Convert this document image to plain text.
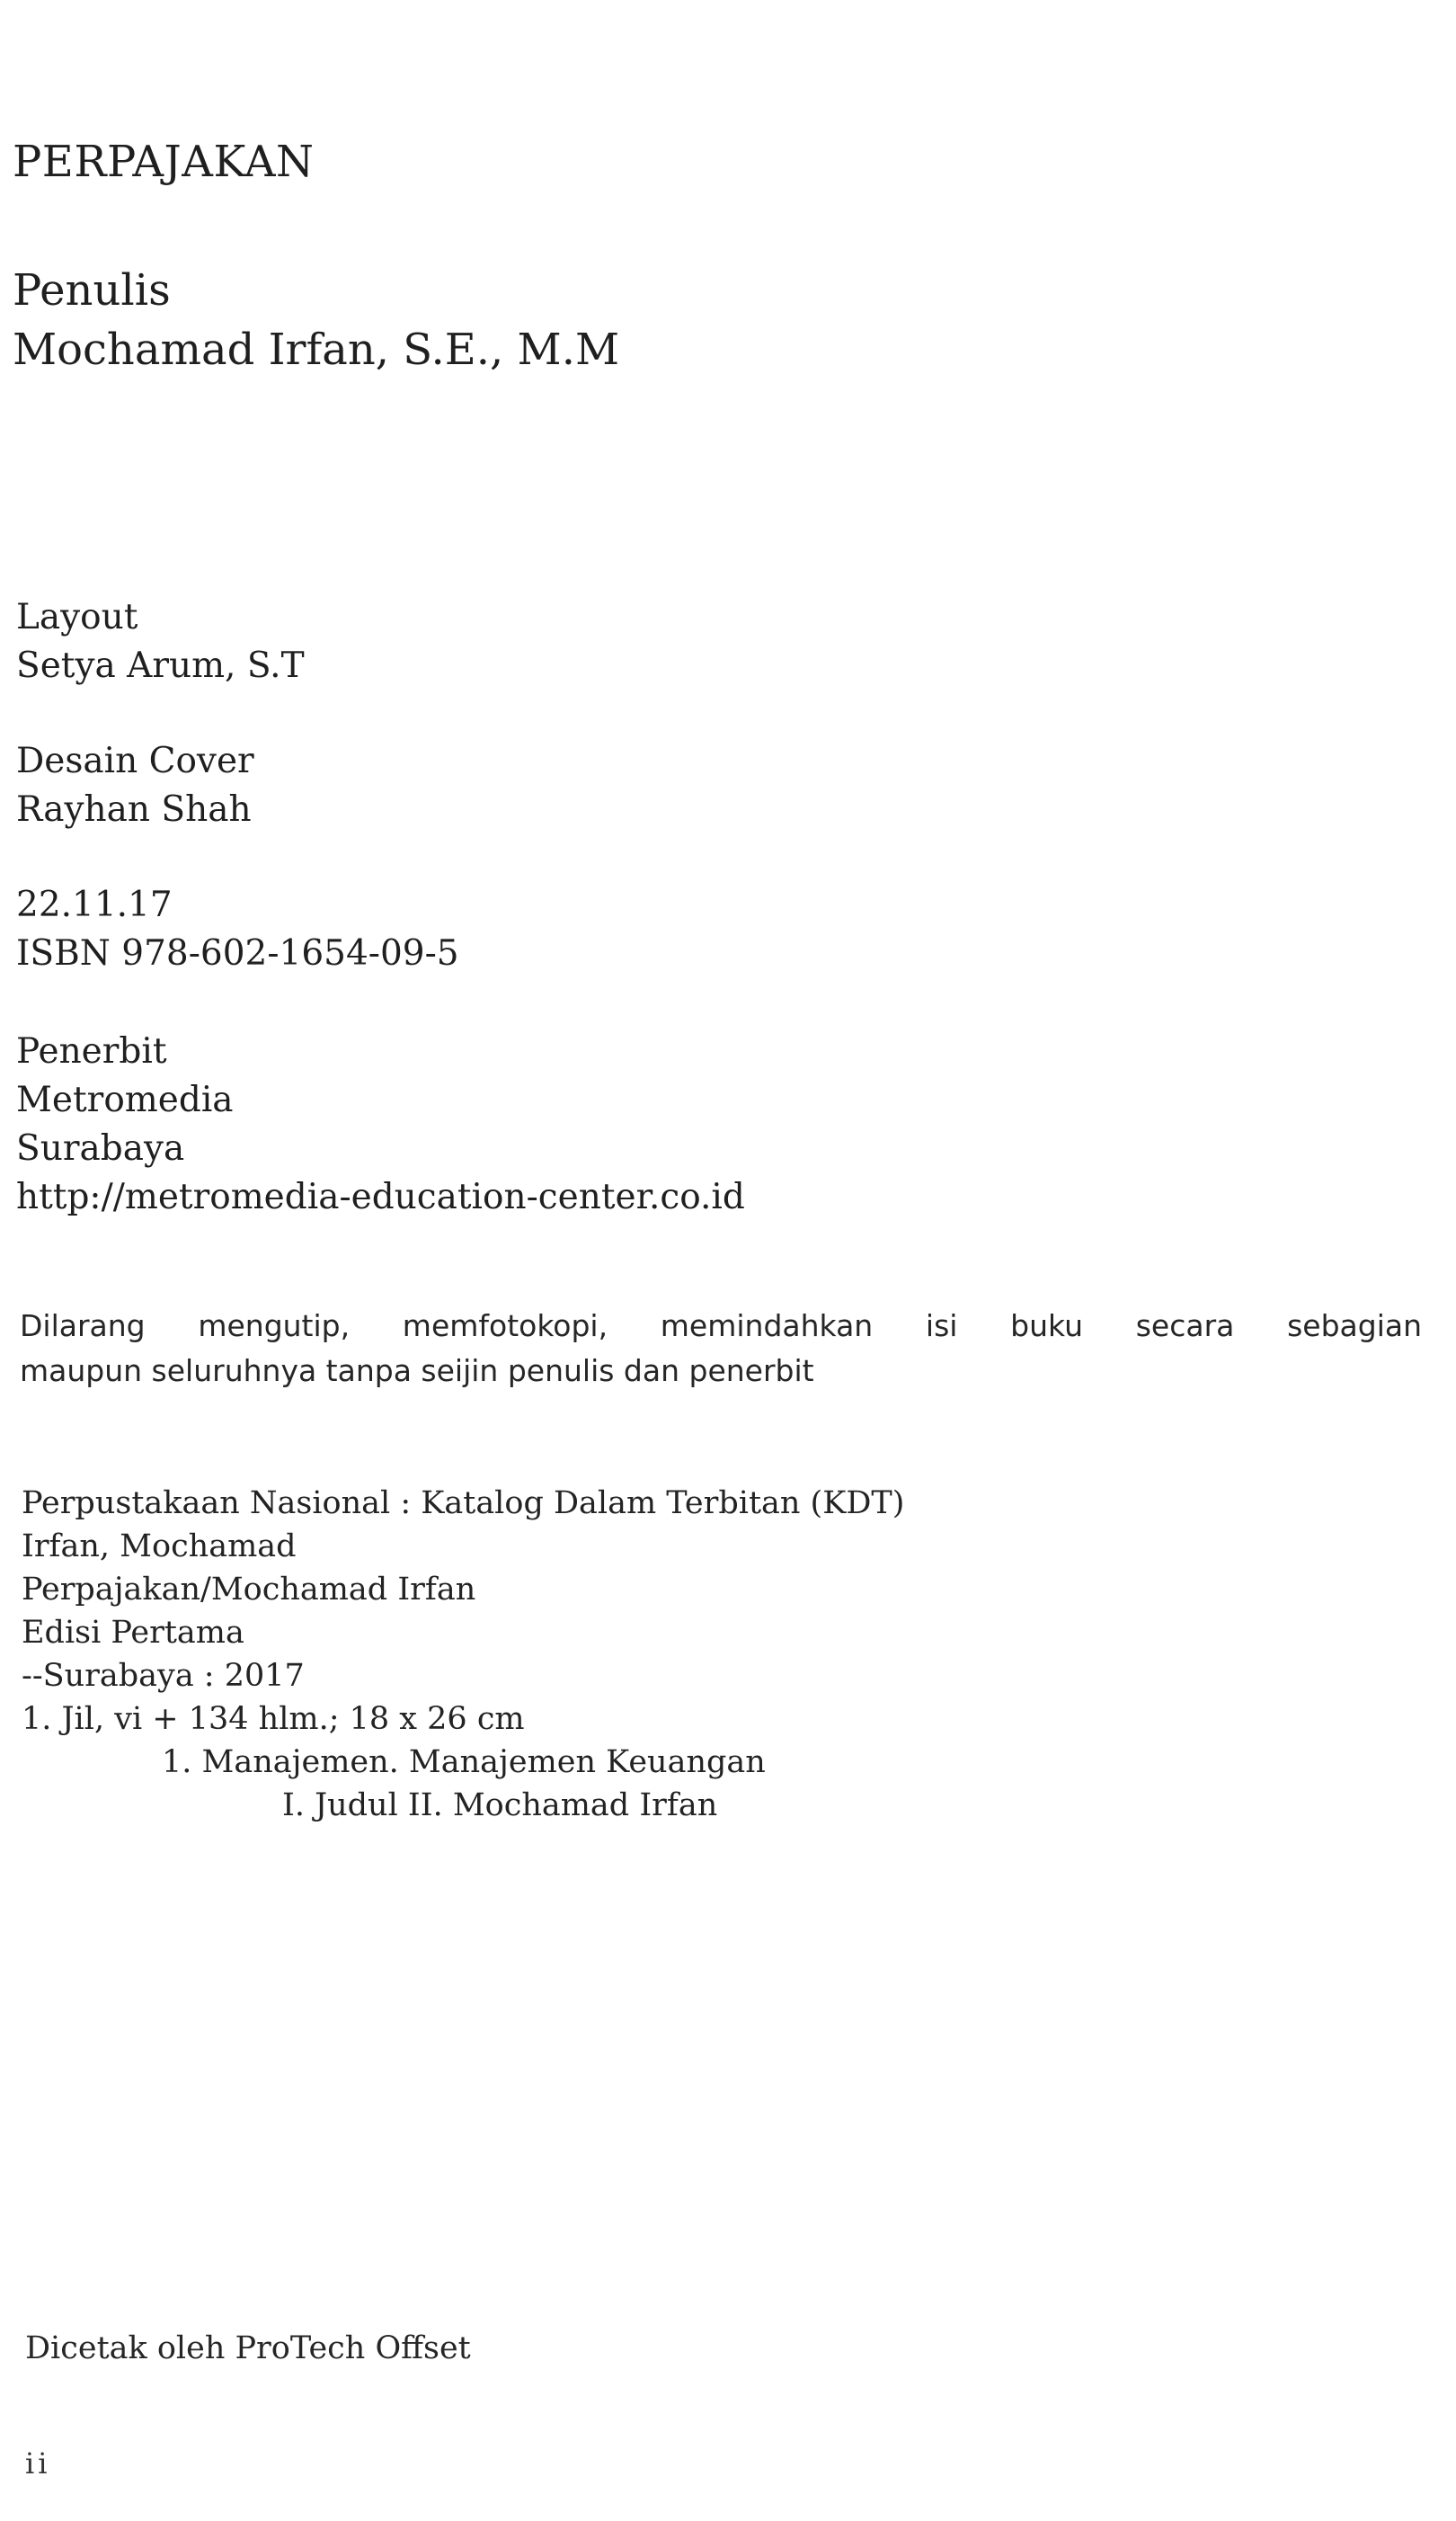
PERPAJAKAN
Penulis
Mochamad Irfan, S.E., M.M
Layout
Setya Arum, S.T
Desain Cover
Rayhan Shah
22.11.17
ISBN 978-602-1654-09-5
Penerbit
Metromedia
Surabaya
http://metromedia-education-center.co.id
Dilarang mengutip, memfotokopi, memindahkan isi buku secara sebagian
maupun seluruhnya tanpa seijin penulis dan penerbit
Perpustakaan Nasional : Katalog Dalam Terbitan (KDT)
Irfan, Mochamad
Perpajakan/Mochamad Irfan
Edisi Pertama
--Surabaya : 2017
1. Jil, vi + 134 hlm.; 18 x 26 cm
1. Manajemen. Manajemen Keuangan
I. Judul II. Mochamad Irfan
Dicetak oleh ProTech Offset
ii
